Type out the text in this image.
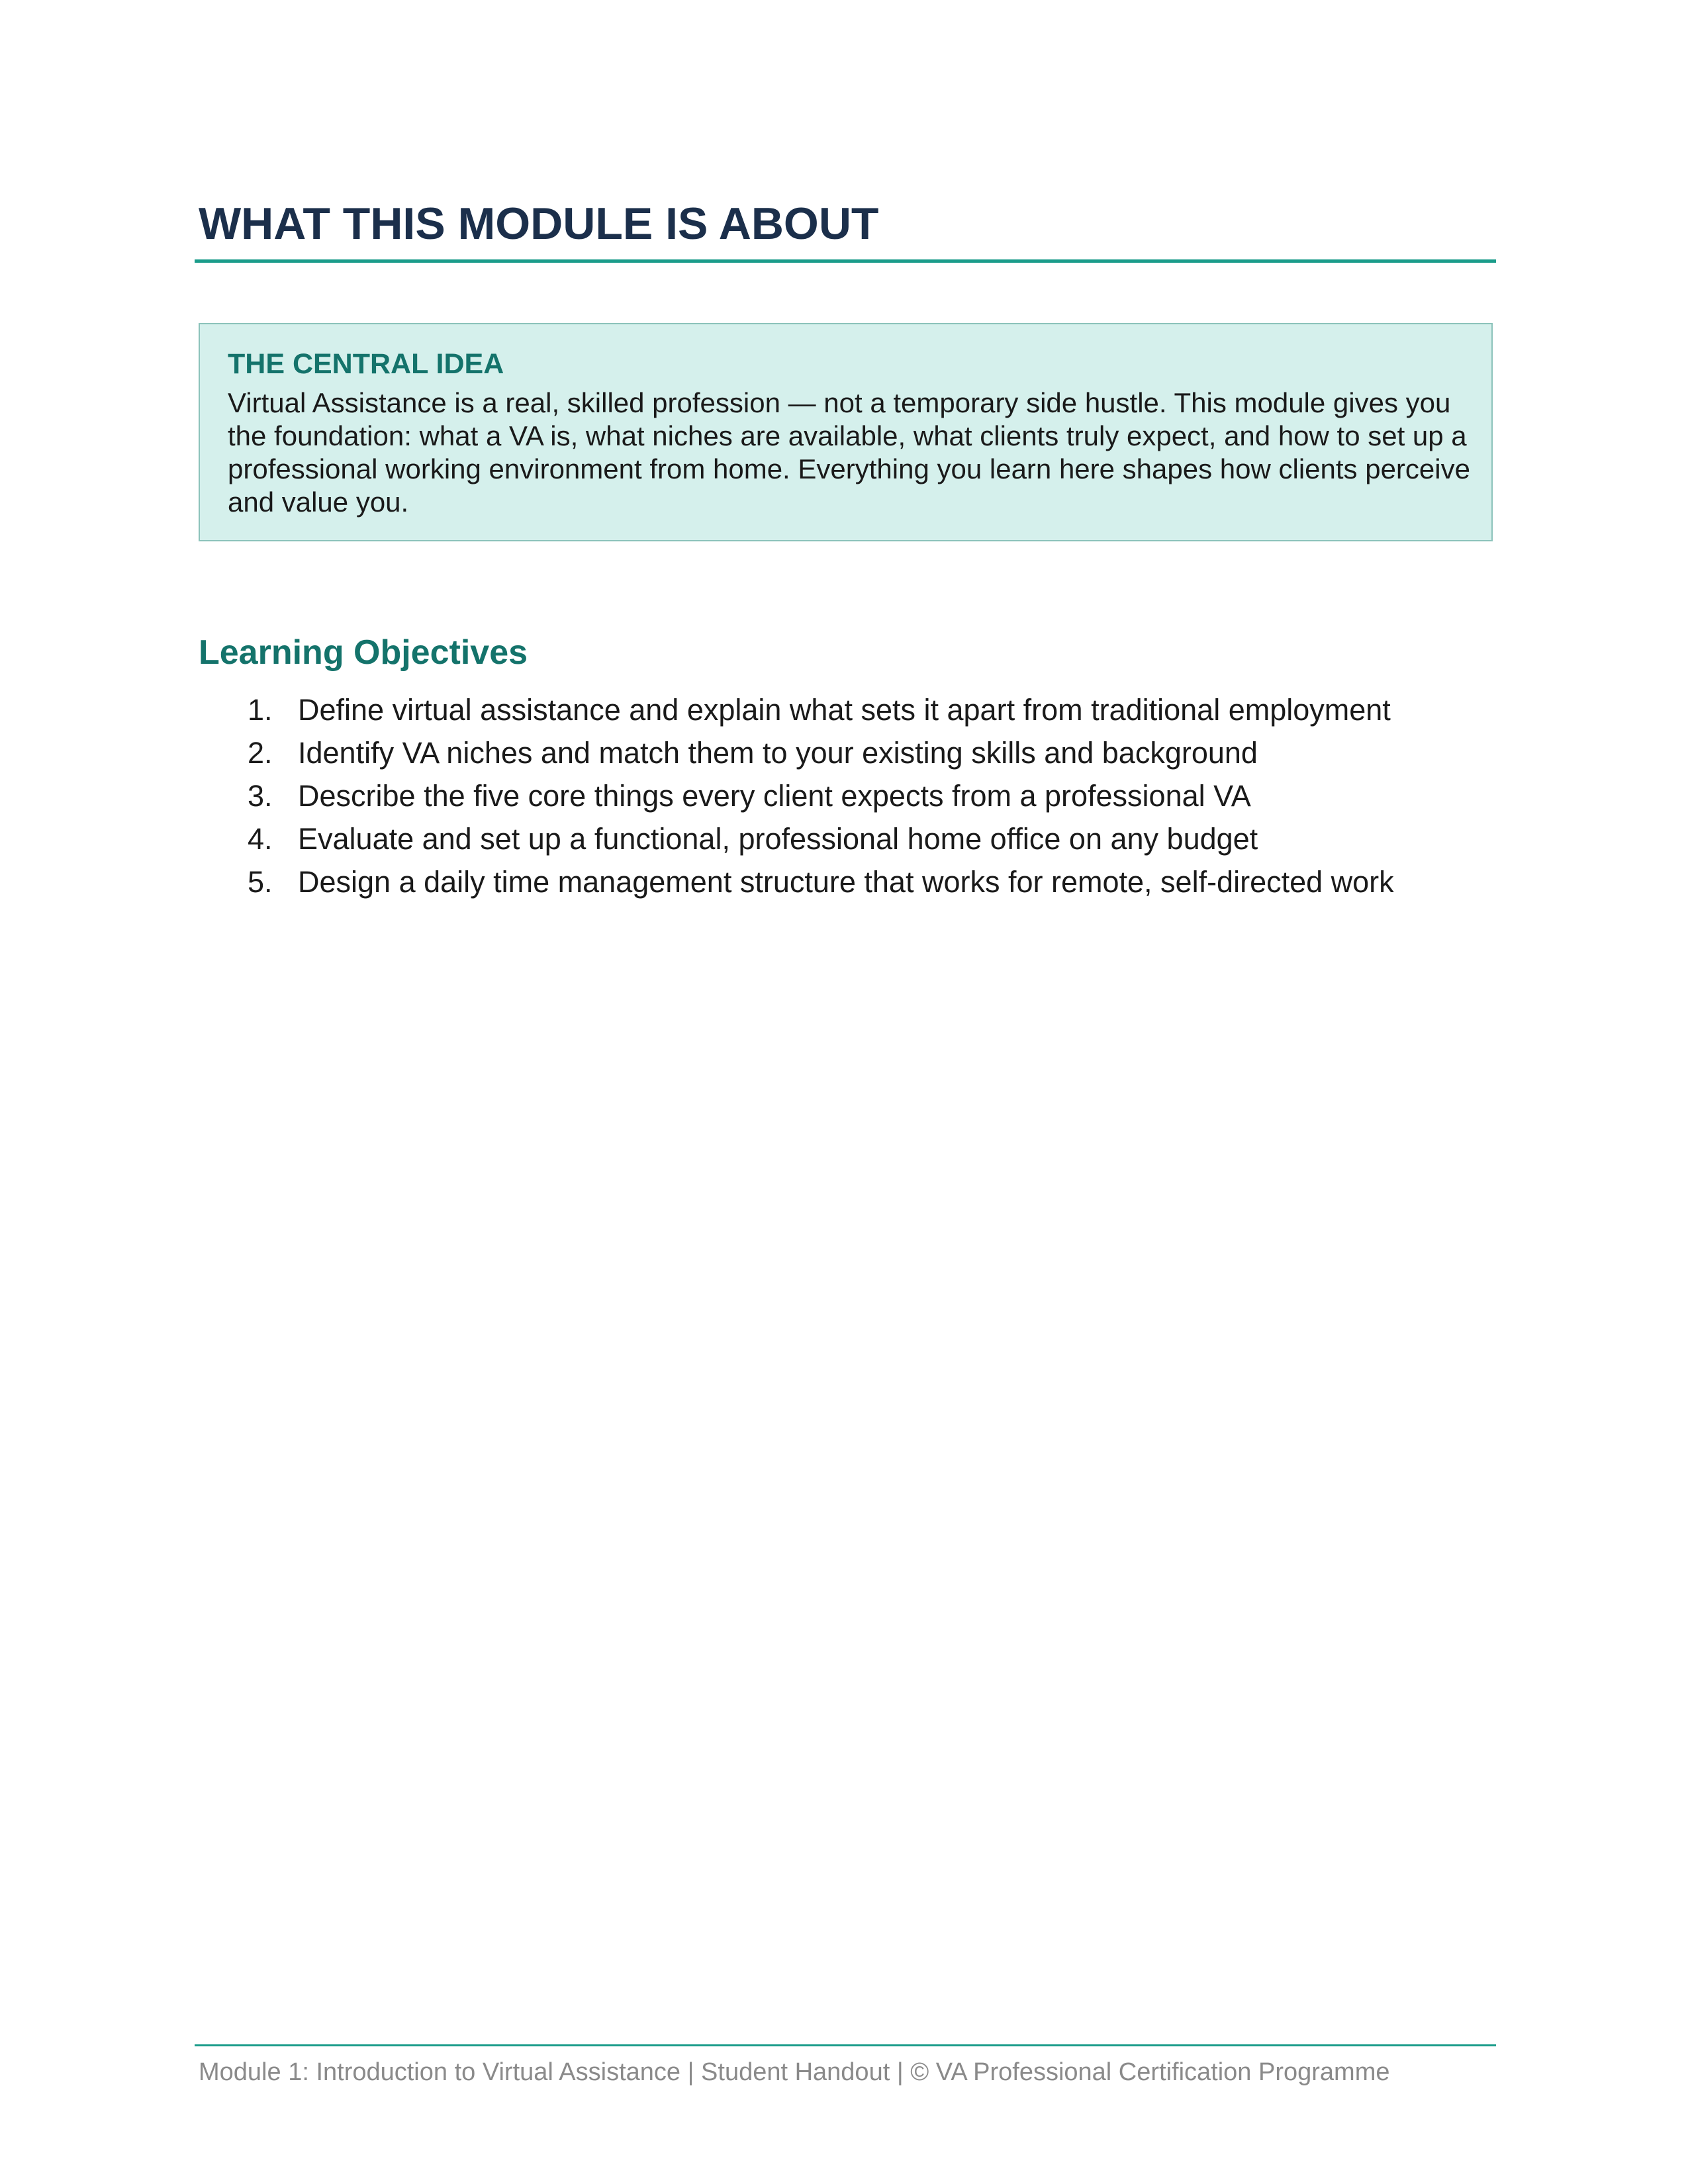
WHAT THIS MODULE IS ABOUT
THE CENTRAL IDEA

Virtual Assistance is a real, skilled profession — not a temporary side hustle. This module gives you the foundation: what a VA is, what niches are available, what clients truly expect, and how to set up a professional working environment from home. Everything you learn here shapes how clients perceive and value you.

Learning Objectives
1. Define virtual assistance and explain what sets it apart from traditional employment
2. Identify VA niches and match them to your existing skills and background
3. Describe the five core things every client expects from a professional VA
4. Evaluate and set up a functional, professional home office on any budget
5. Design a daily time management structure that works for remote, self-directed work

Module 1: Introduction to Virtual Assistance | Student Handout | © VA Professional Certification Programme
